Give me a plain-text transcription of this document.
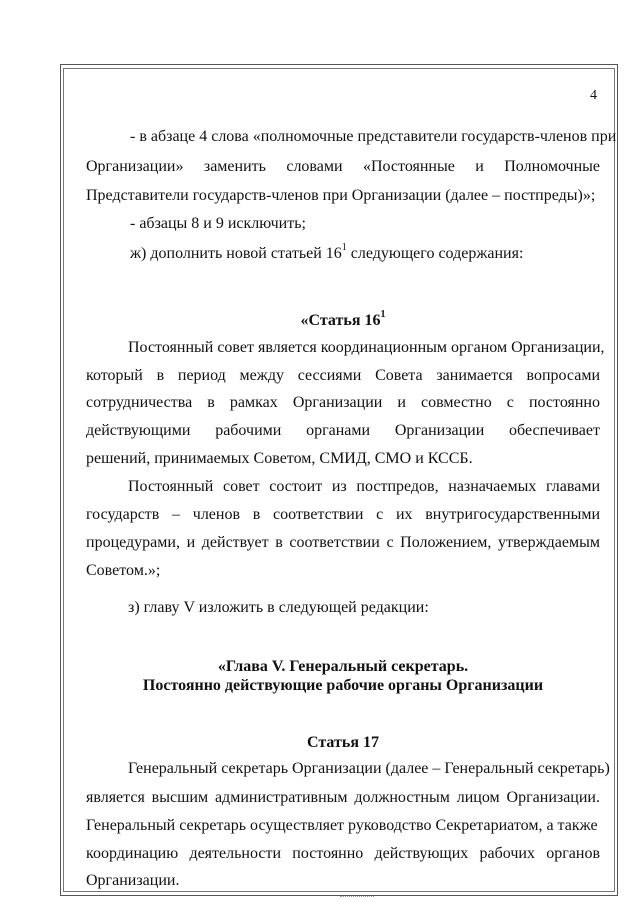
4
- в абзаце 4 слова «полномочные представители государств-членов при
Организации» заменить словами «Постоянные и Полномочные
Представители государств-членов при Организации (далее – постпреды)»;
- абзацы 8 и 9 исключить;
ж) дополнить новой статьей $16^1$ следующего содержания:
«Статья $16^1$
Постоянный совет является координационным органом Организации,
который в период между сессиями Совета занимается вопросами
сотрудничества в рамках Организации и совместно с постоянно
действующими рабочими органами Организации обеспечивает
решений, принимаемых Советом, СМИД, СМО и КССБ.
Постоянный совет состоит из постпредов, назначаемых главами
государств – членов в соответствии с их внутригосударственными
процедурами, и действует в соответствии с Положением, утверждаемым
Советом.»;
з) главу V изложить в следующей редакции:
«Глава V. Генеральный секретарь.
Постоянно действующие рабочие органы Организации
Статья 17
Генеральный секретарь Организации (далее – Генеральный секретарь)
является высшим административным должностным лицом Организации.
Генеральный секретарь осуществляет руководство Секретариатом, а также
координацию деятельности постоянно действующих рабочих органов
Организации.
